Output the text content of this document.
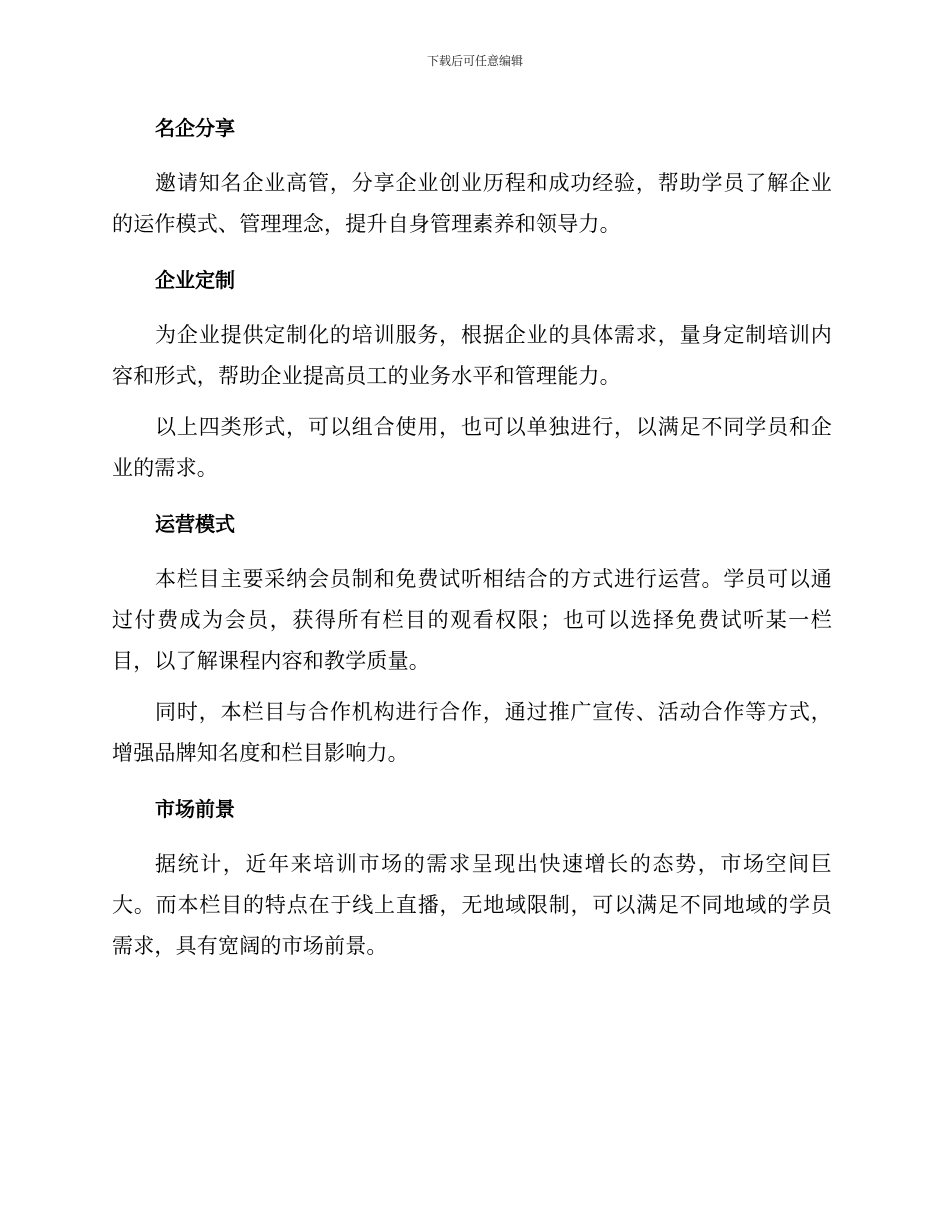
下载后可任意编辑
名企分享

邀请知名企业高管，分享企业创业历程和成功经验，帮助学员了解企业的运作模式、管理理念，提升自身管理素养和领导力。

企业定制

为企业提供定制化的培训服务，根据企业的具体需求，量身定制培训内容和形式，帮助企业提高员工的业务水平和管理能力。

以上四类形式，可以组合使用，也可以单独进行，以满足不同学员和企业的需求。

运营模式

本栏目主要采纳会员制和免费试听相结合的方式进行运营。学员可以通过付费成为会员，获得所有栏目的观看权限；也可以选择免费试听某一栏目，以了解课程内容和教学质量。

同时，本栏目与合作机构进行合作，通过推广宣传、活动合作等方式，增强品牌知名度和栏目影响力。

市场前景

据统计，近年来培训市场的需求呈现出快速增长的态势，市场空间巨大。而本栏目的特点在于线上直播，无地域限制，可以满足不同地域的学员需求，具有宽阔的市场前景。
